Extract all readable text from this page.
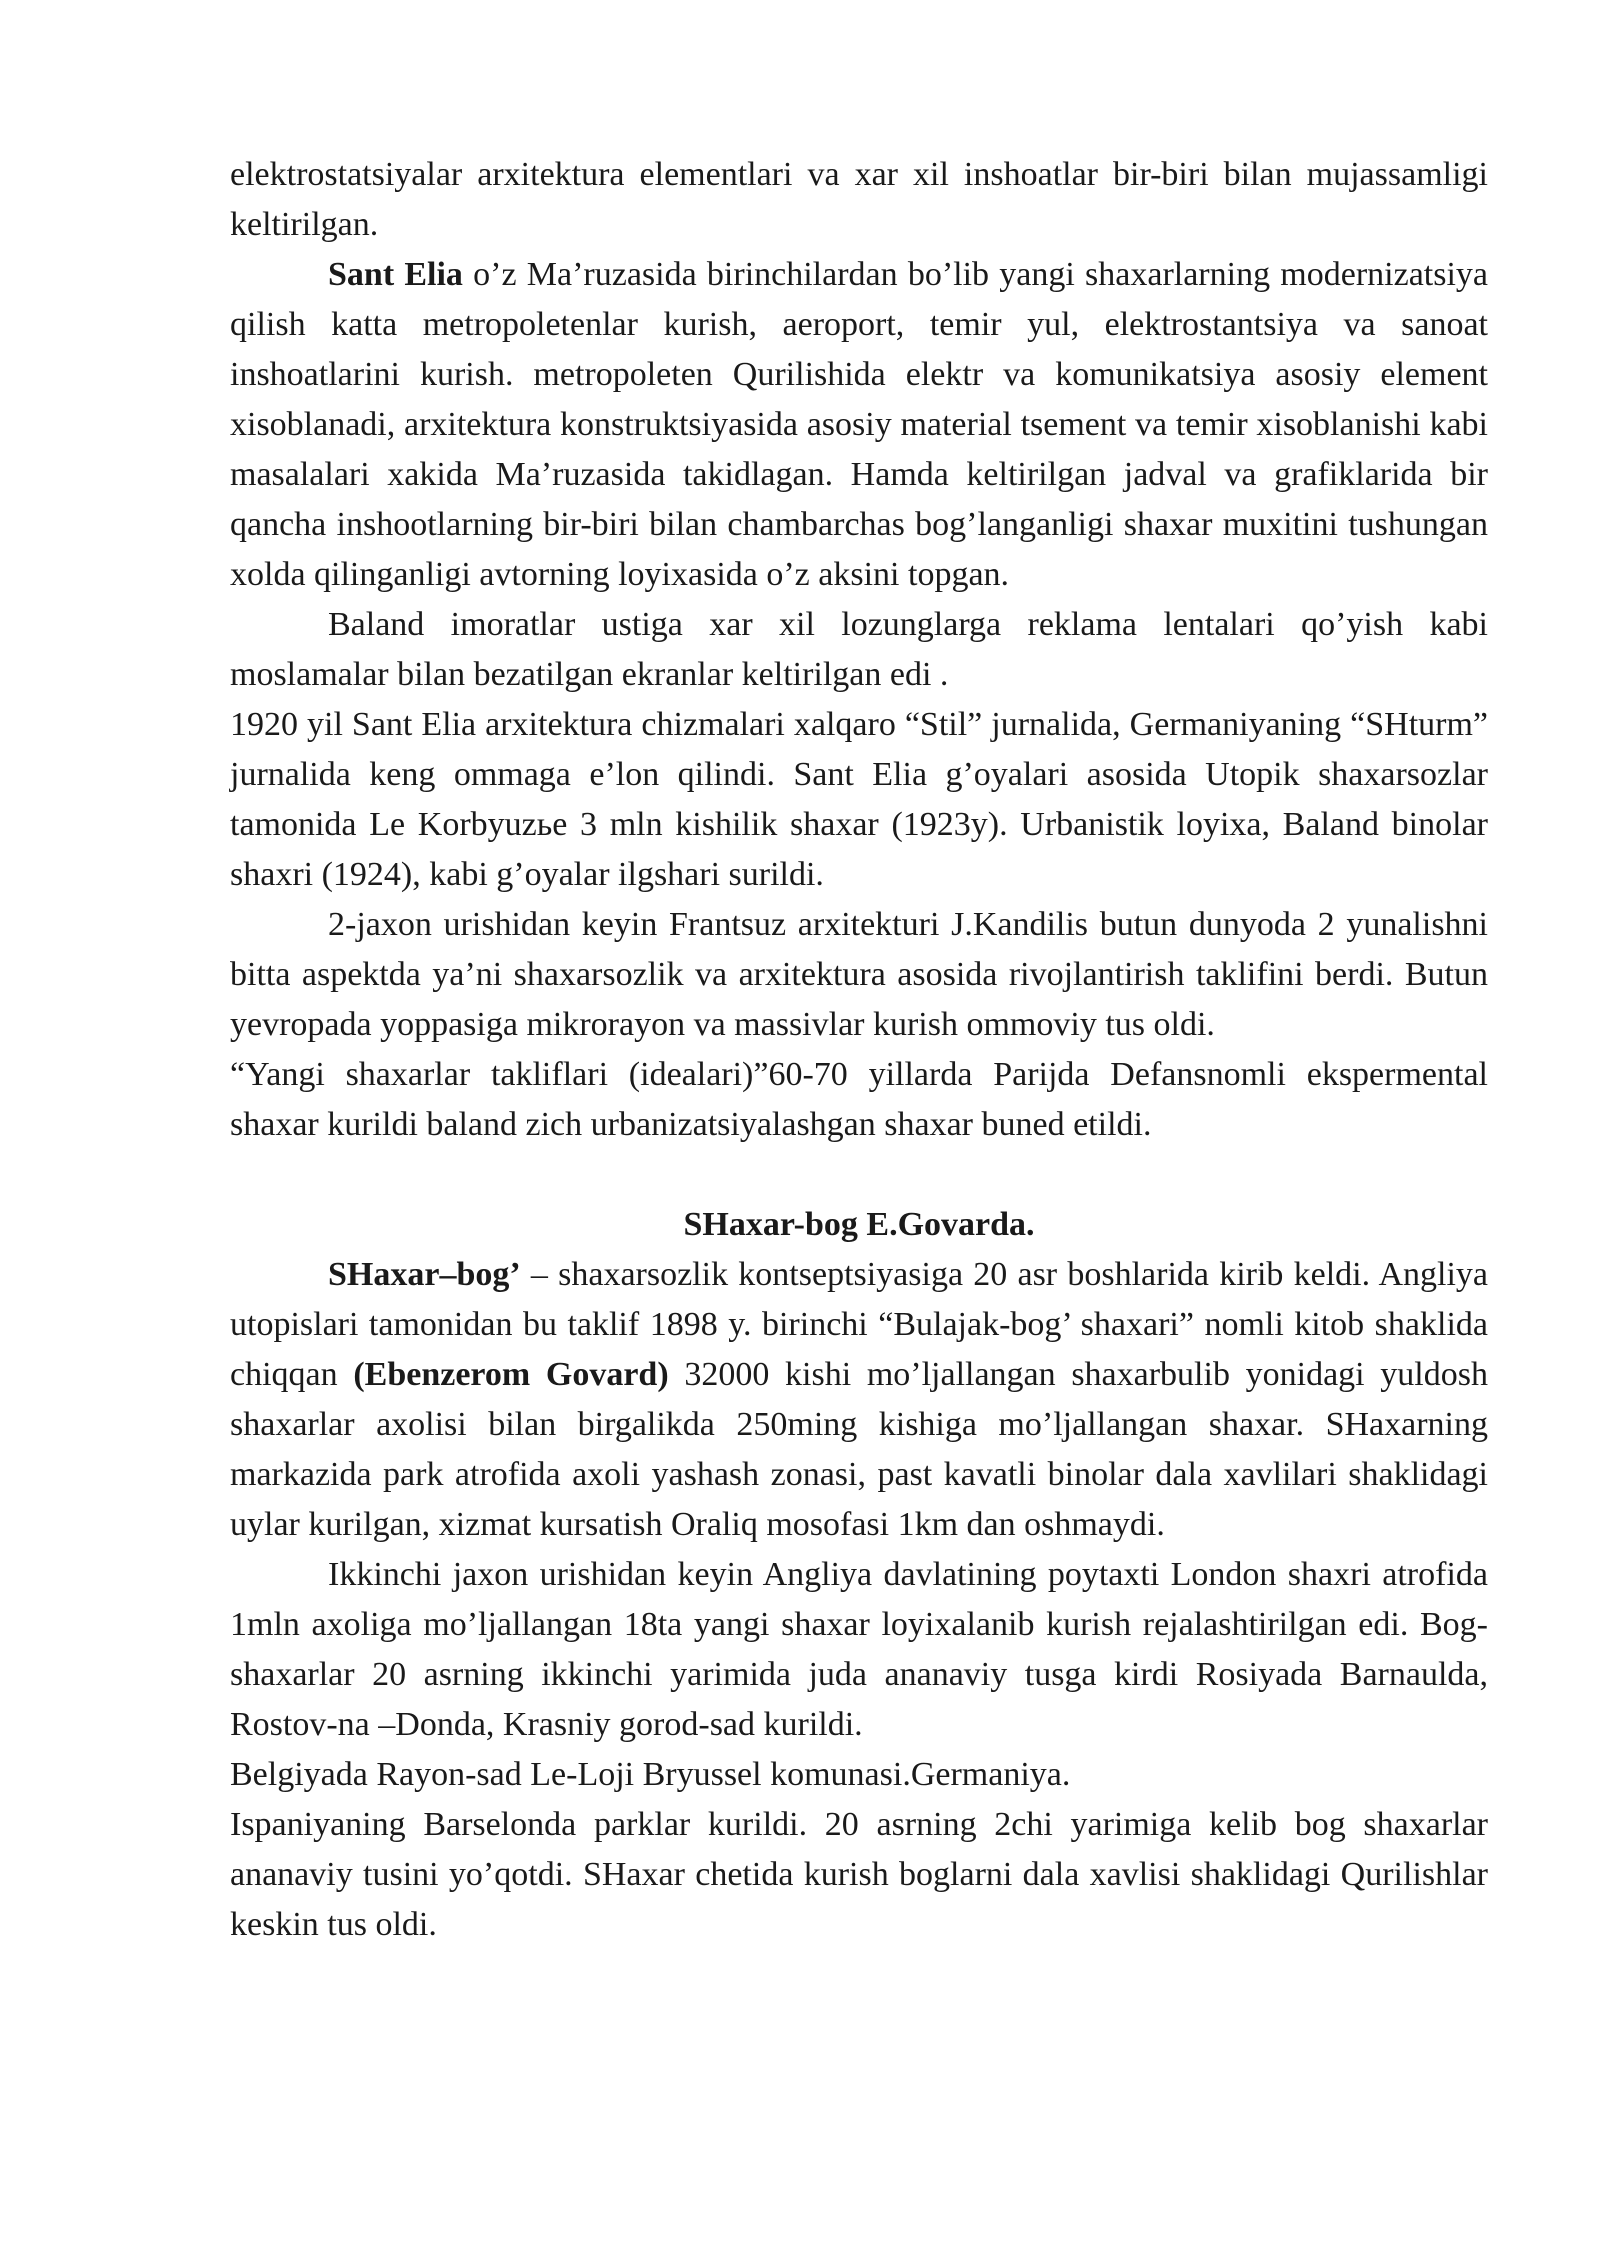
elektrostatsiyalar arxitektura elementlari va xar xil inshoatlar bir-biri bilan mujassamligi keltirilgan.

Sant Elia o’z Ma’ruzasida birinchilardan bo’lib yangi shaxarlarning modernizatsiya qilish katta metropoletenlar kurish, aeroport, temir yul, elektrostantsiya va sanoat inshoatlarini kurish. metropoleten Qurilishida elektr va komunikatsiya asosiy element xisoblanadi, arxitektura konstruktsiyasida asosiy material tsement va temir xisoblanishi kabi masalalari xakida Ma’ruzasida takidlagan. Hamda keltirilgan jadval va grafiklarida bir qancha inshootlarning bir-biri bilan chambarchas bog’langanligi shaxar muxitini tushungan xolda qilinganligi avtorning loyixasida o’z aksini topgan.

Baland imoratlar ustiga xar xil lozunglarga reklama lentalari qo’yish kabi moslamalar bilan bezatilgan ekranlar keltirilgan edi .

1920 yil Sant Elia arxitektura chizmalari xalqaro “Stil” jurnalida, Germaniyaning “SHturm” jurnalida keng ommaga e’lon qilindi. Sant Elia g’oyalari asosida Utopik shaxarsozlar tamonida Le Korbyuzье 3 mln kishilik shaxar (1923y). Urbanistik loyixa, Baland binolar shaxri (1924), kabi g’oyalar ilgshari surildi.

2-jaxon urishidan keyin Frantsuz arxitekturi J.Kandilis butun dunyoda 2 yunalishni bitta aspektda ya’ni shaxarsozlik va arxitektura asosida rivojlantirish taklifini berdi. Butun yevropada yoppasiga mikrorayon va massivlar kurish ommoviy tus oldi.

“Yangi shaxarlar takliflari (idealari)”60-70 yillarda Parijda Defansnomli ekspermental shaxar kurildi baland zich urbanizatsiyalashgan shaxar buned etildi.

SHaxar-bog E.Govarda.

SHaxar–bog’ – shaxarsozlik kontseptsiyasiga 20 asr boshlarida kirib keldi. Angliya utopislari tamonidan bu taklif 1898 y. birinchi “Bulajak-bog’ shaxari” nomli kitob shaklida chiqqan (Ebenzerom Govard) 32000 kishi mo’ljallangan shaxarbulib yonidagi yuldosh shaxarlar axolisi bilan birgalikda 250ming kishiga mo’ljallangan shaxar. SHaxarning markazida park atrofida axoli yashash zonasi, past kavatli binolar dala xavlilari shaklidagi uylar kurilgan, xizmat kursatish Oraliq mosofasi 1km dan oshmaydi.

Ikkinchi jaxon urishidan keyin Angliya davlatining poytaxti London shaxri atrofida 1mln axoliga mo’ljallangan 18ta yangi shaxar loyixalanib kurish rejalashtirilgan edi. Bog- shaxarlar 20 asrning ikkinchi yarimida juda ananaviy tusga kirdi Rosiyada Barnaulda, Rostov-na –Donda, Krasniy gorod-sad kurildi.

Belgiyada Rayon-sad Le-Loji Bryussel komunasi.Germaniya.

Ispaniyaning Barselonda parklar kurildi. 20 asrning 2chi yarimiga kelib bog shaxarlar ananaviy tusini yo’qotdi. SHaxar chetida kurish boglarni dala xavlisi shaklidagi Qurilishlar keskin tus oldi.
